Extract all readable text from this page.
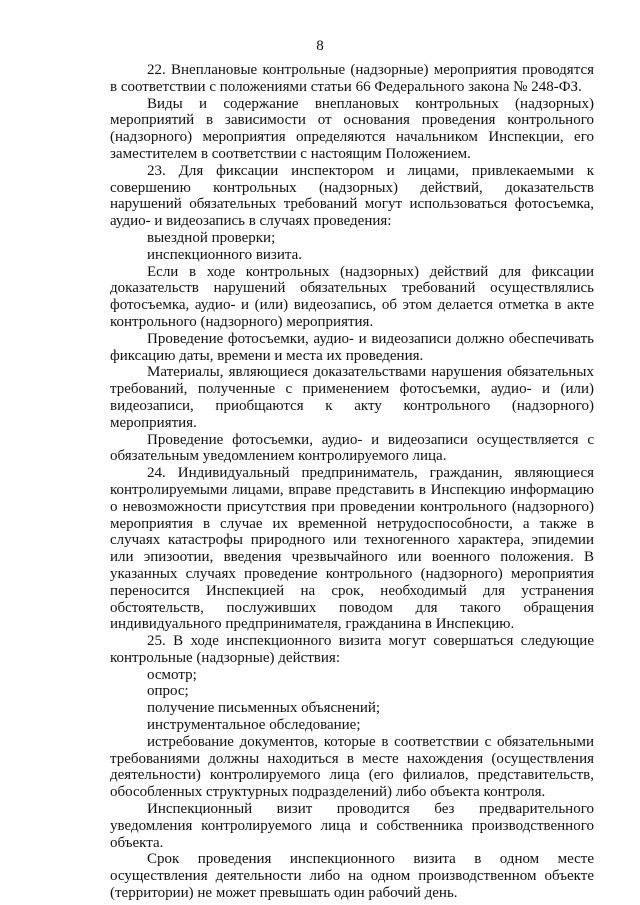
8

22. Внеплановые контрольные (надзорные) мероприятия проводятся в соответствии с положениями статьи 66 Федерального закона № 248-ФЗ.

Виды и содержание внеплановых контрольных (надзорных) мероприятий в зависимости от основания проведения контрольного (надзорного) мероприятия определяются начальником Инспекции, его заместителем в соответствии с настоящим Положением.

23. Для фиксации инспектором и лицами, привлекаемыми к совершению контрольных (надзорных) действий, доказательств нарушений обязательных требований могут использоваться фотосъемка, аудио- и видеозапись в случаях проведения:

выездной проверки;

инспекционного визита.

Если в ходе контрольных (надзорных) действий для фиксации доказательств нарушений обязательных требований осуществлялись фотосъемка, аудио- и (или) видеозапись, об этом делается отметка в акте контрольного (надзорного) мероприятия.

Проведение фотосъемки, аудио- и видеозаписи должно обеспечивать фиксацию даты, времени и места их проведения.

Материалы, являющиеся доказательствами нарушения обязательных требований, полученные с применением фотосъемки, аудио- и (или) видеозаписи, приобщаются к акту контрольного (надзорного) мероприятия.

Проведение фотосъемки, аудио- и видеозаписи осуществляется с обязательным уведомлением контролируемого лица.

24. Индивидуальный предприниматель, гражданин, являющиеся контролируемыми лицами, вправе представить в Инспекцию информацию о невозможности присутствия при проведении контрольного (надзорного) мероприятия в случае их временной нетрудоспособности, а также в случаях катастрофы природного или техногенного характера, эпидемии или эпизоотии, введения чрезвычайного или военного положения. В указанных случаях проведение контрольного (надзорного) мероприятия переносится Инспекцией на срок, необходимый для устранения обстоятельств, послуживших поводом для такого обращения индивидуального предпринимателя, гражданина в Инспекцию.

25. В ходе инспекционного визита могут совершаться следующие контрольные (надзорные) действия:

осмотр;

опрос;

получение письменных объяснений;

инструментальное обследование;

истребование документов, которые в соответствии с обязательными требованиями должны находиться в месте нахождения (осуществления деятельности) контролируемого лица (его филиалов, представительств, обособленных структурных подразделений) либо объекта контроля.

Инспекционный визит проводится без предварительного уведомления контролируемого лица и собственника производственного объекта.

Срок проведения инспекционного визита в одном месте осуществления деятельности либо на одном производственном объекте (территории) не может превышать один рабочий день.
